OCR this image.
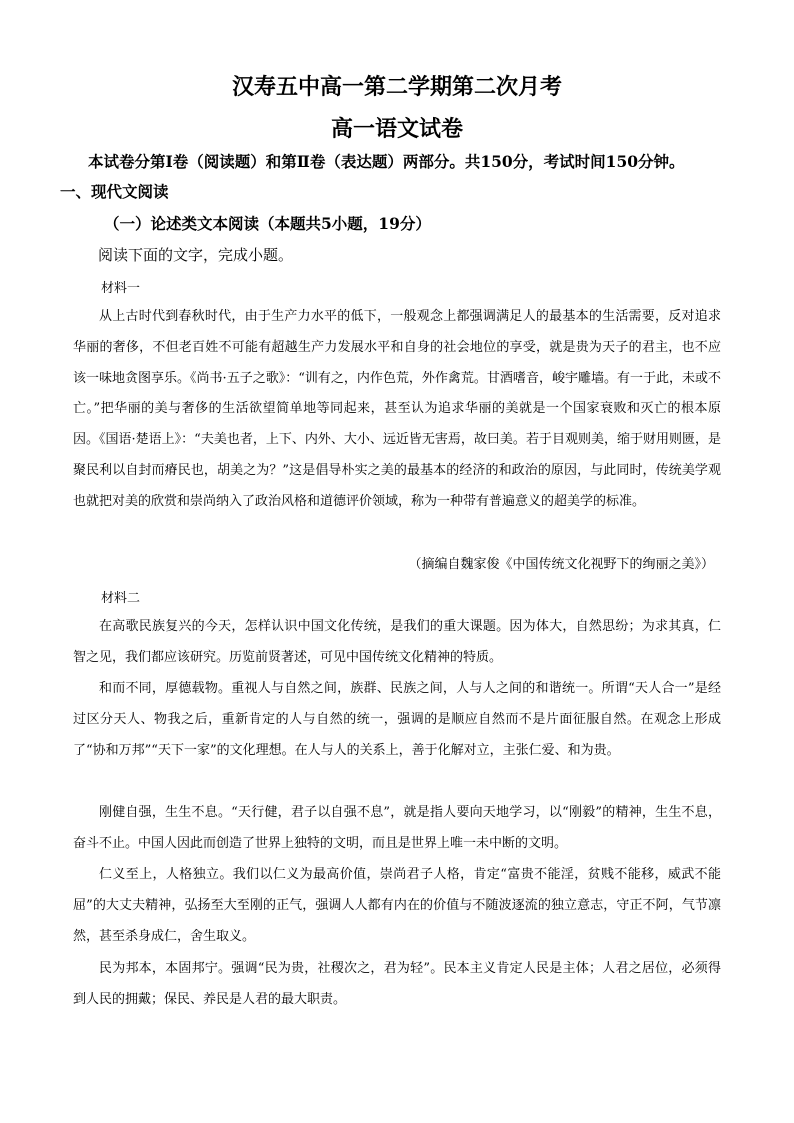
汉寿五中高一第二学期第二次月考
高一语文试卷
本试卷分第Ⅰ卷（阅读题）和第Ⅱ卷（表达题）两部分。共150分，考试时间150分钟。
一、现代文阅读
（一）论述类文本阅读（本题共5小题，19分）
阅读下面的文字，完成小题。
材料一

从上古时代到春秋时代，由于生产力水平的低下，一般观念上都强调满足人的最基本的生活需要，反对追求华丽的奢侈，不但老百姓不可能有超越生产力发展水平和自身的社会地位的享受，就是贵为天子的君主，也不应该一味地贪图享乐。《尚书·五子之歌》：“训有之，内作色荒，外作禽荒。甘酒嗜音，峻宇雕墙。有一于此，未或不亡。”把华丽的美与奢侈的生活欲望简单地等同起来，甚至认为追求华丽的美就是一个国家衰败和灭亡的根本原因。《国语·楚语上》：“夫美也者，上下、内外、大小、远近皆无害焉，故曰美。若于目观则美，缩于财用则匮，是聚民利以自封而瘠民也，胡美之为？”这是倡导朴实之美的最基本的经济的和政治的原因，与此同时，传统美学观也就把对美的欣赏和崇尚纳入了政治风格和道德评价领域，称为一种带有普遍意义的超美学的标准。

（摘编自魏家俊《中国传统文化视野下的绚丽之美》）
材料二

在高歌民族复兴的今天，怎样认识中国文化传统，是我们的重大课题。因为体大，自然思纷；为求其真，仁智之见，我们都应该研究。历览前贤著述，可见中国传统文化精神的特质。

和而不同，厚德载物。重视人与自然之间，族群、民族之间，人与人之间的和谐统一。所谓“天人合一”是经过区分天人、物我之后，重新肯定的人与自然的统一，强调的是顺应自然而不是片面征服自然。在观念上形成了“协和万邦”“天下一家”的文化理想。在人与人的关系上，善于化解对立，主张仁爱、和为贵。

刚健自强，生生不息。“天行健，君子以自强不息”，就是指人要向天地学习，以“刚毅”的精神，生生不息，奋斗不止。中国人因此而创造了世界上独特的文明，而且是世界上唯一未中断的文明。

仁义至上，人格独立。我们以仁义为最高价值，崇尚君子人格，肯定“富贵不能淫，贫贱不能移，威武不能屈”的大丈夫精神，弘扬至大至刚的正气，强调人人都有内在的价值与不随波逐流的独立意志，守正不阿，气节凛然，甚至杀身成仁，舍生取义。

民为邦本，本固邦宁。强调“民为贵，社稷次之，君为轻”。民本主义肯定人民是主体；人君之居位，必须得到人民的拥戴；保民、养民是人君的最大职责。
